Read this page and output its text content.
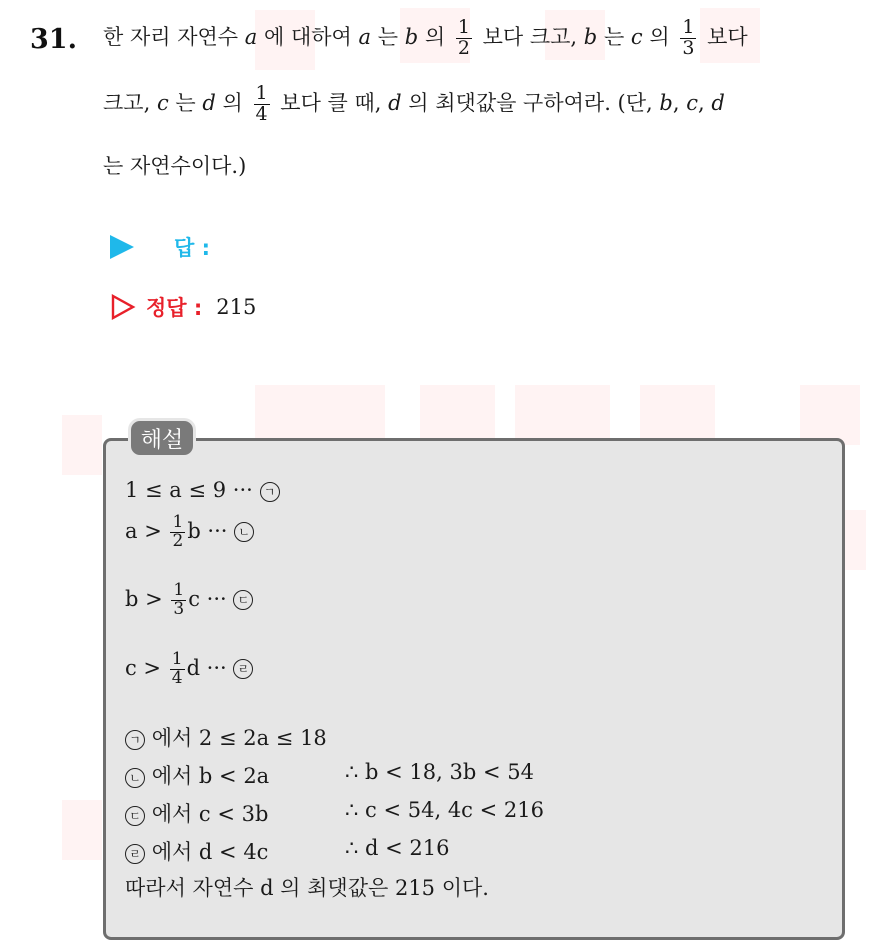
31. 한 자리 자연수 a 에 대하여 a 는 b 의 $\frac{1}{2}$ 보다 크고, b 는 c 의 $\frac{1}{3}$ 보다
크고, c 는 d 의 $\frac{1}{4}$ 보다 클 때, d 의 최댓값을 구하여라. (단, b, c, d
는 자연수이다.)
답 :
정답 : 215
해설
1 ≤ a ≤ 9 ··· ㄱ
$a > \frac{1}{2}$ b ··· ㄴ
$b > \frac{1}{3}$ c ··· ㄷ
$c > \frac{1}{4}$ d ··· ㄹ
ㄱ 에서 2 ≤ 2a ≤ 18
ㄴ 에서 b < 2a	∴ b < 18, 3b < 54
ㄷ 에서 c < 3b	∴ c < 54, 4c < 216
ㄹ 에서 d < 4c	∴ d < 216
따라서 자연수 d 의 최댓값은 215 이다.
